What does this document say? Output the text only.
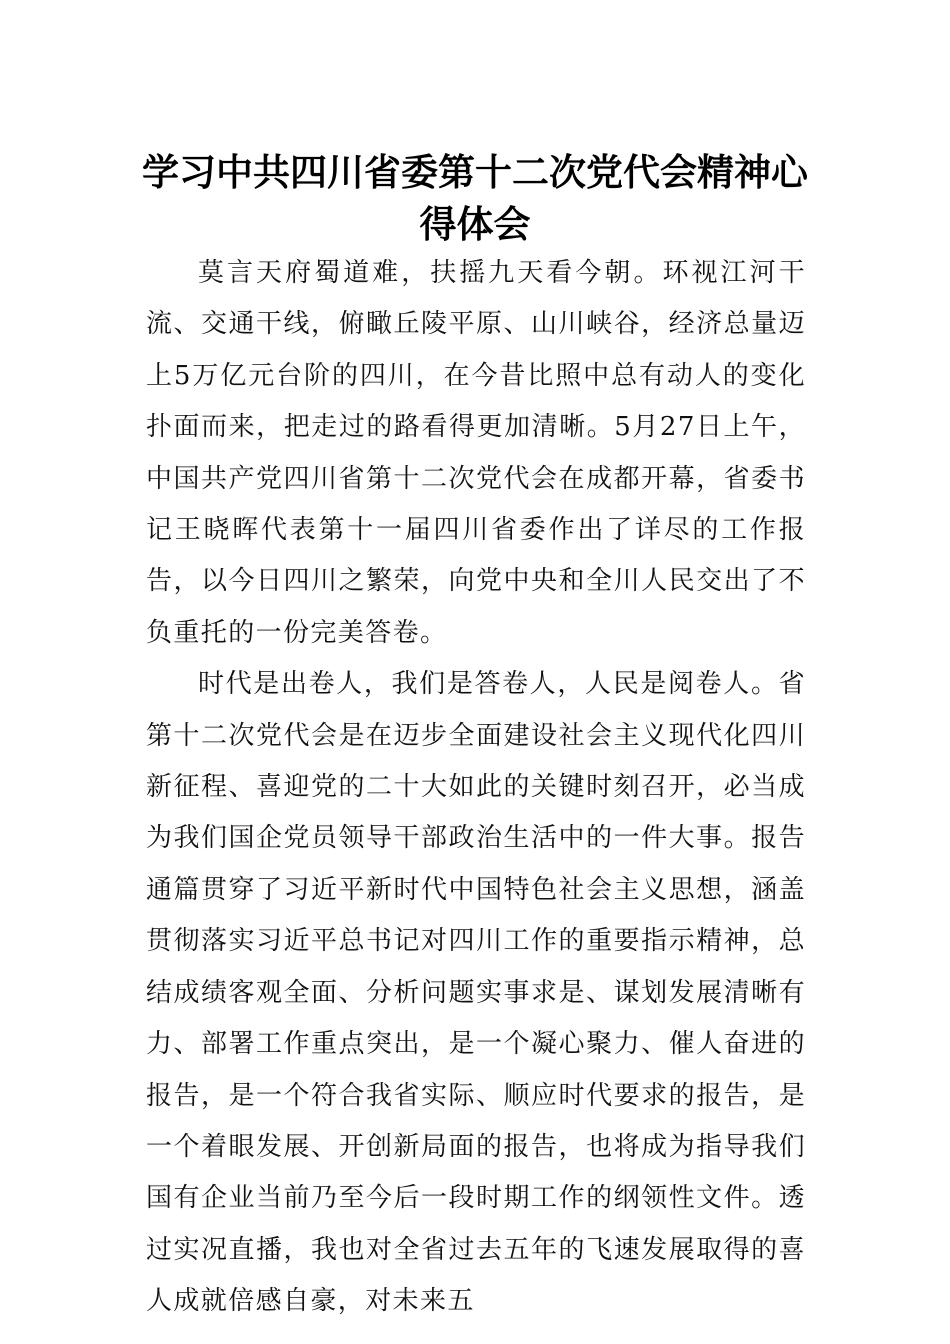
学习中共四川省委第十二次党代会精神心得体会

莫言天府蜀道难，扶摇九天看今朝。环视江河干流、交通干线，俯瞰丘陵平原、山川峡谷，经济总量迈上5万亿元台阶的四川，在今昔比照中总有动人的变化扑面而来，把走过的路看得更加清晰。5月27日上午，中国共产党四川省第十二次党代会在成都开幕，省委书记王晓晖代表第十一届四川省委作出了详尽的工作报告，以今日四川之繁荣，向党中央和全川人民交出了不负重托的一份完美答卷。

时代是出卷人，我们是答卷人，人民是阅卷人。省第十二次党代会是在迈步全面建设社会主义现代化四川新征程、喜迎党的二十大如此的关键时刻召开，必当成为我们国企党员领导干部政治生活中的一件大事。报告通篇贯穿了习近平新时代中国特色社会主义思想，涵盖贯彻落实习近平总书记对四川工作的重要指示精神，总结成绩客观全面、分析问题实事求是、谋划发展清晰有力、部署工作重点突出，是一个凝心聚力、催人奋进的报告，是一个符合我省实际、顺应时代要求的报告，是一个着眼发展、开创新局面的报告，也将成为指导我们国有企业当前乃至今后一段时期工作的纲领性文件。透过实况直播，我也对全省过去五年的飞速发展取得的喜人成就倍感自豪，对未来五
